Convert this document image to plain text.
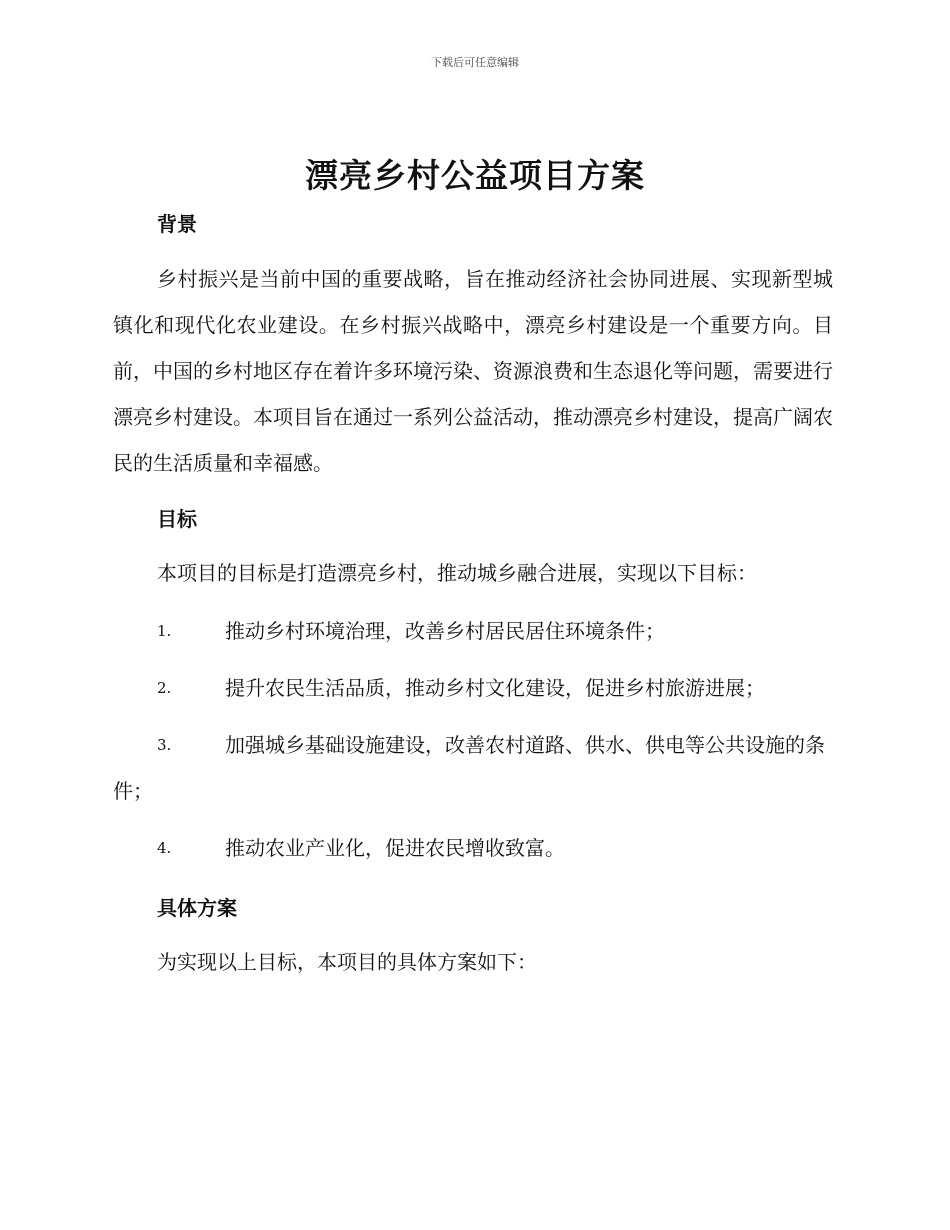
下载后可任意编辑
漂亮乡村公益项目方案
背景
乡村振兴是当前中国的重要战略，旨在推动经济社会协同进展、实现新型城镇化和现代化农业建设。在乡村振兴战略中，漂亮乡村建设是一个重要方向。目前，中国的乡村地区存在着许多环境污染、资源浪费和生态退化等问题，需要进行漂亮乡村建设。本项目旨在通过一系列公益活动，推动漂亮乡村建设，提高广阔农民的生活质量和幸福感。
目标
本项目的目标是打造漂亮乡村，推动城乡融合进展，实现以下目标：
1.	推动乡村环境治理，改善乡村居民居住环境条件；
2.	提升农民生活品质，推动乡村文化建设，促进乡村旅游进展；
3.	加强城乡基础设施建设，改善农村道路、供水、供电等公共设施的条件；
4.	推动农业产业化，促进农民增收致富。
具体方案
为实现以上目标，本项目的具体方案如下：
